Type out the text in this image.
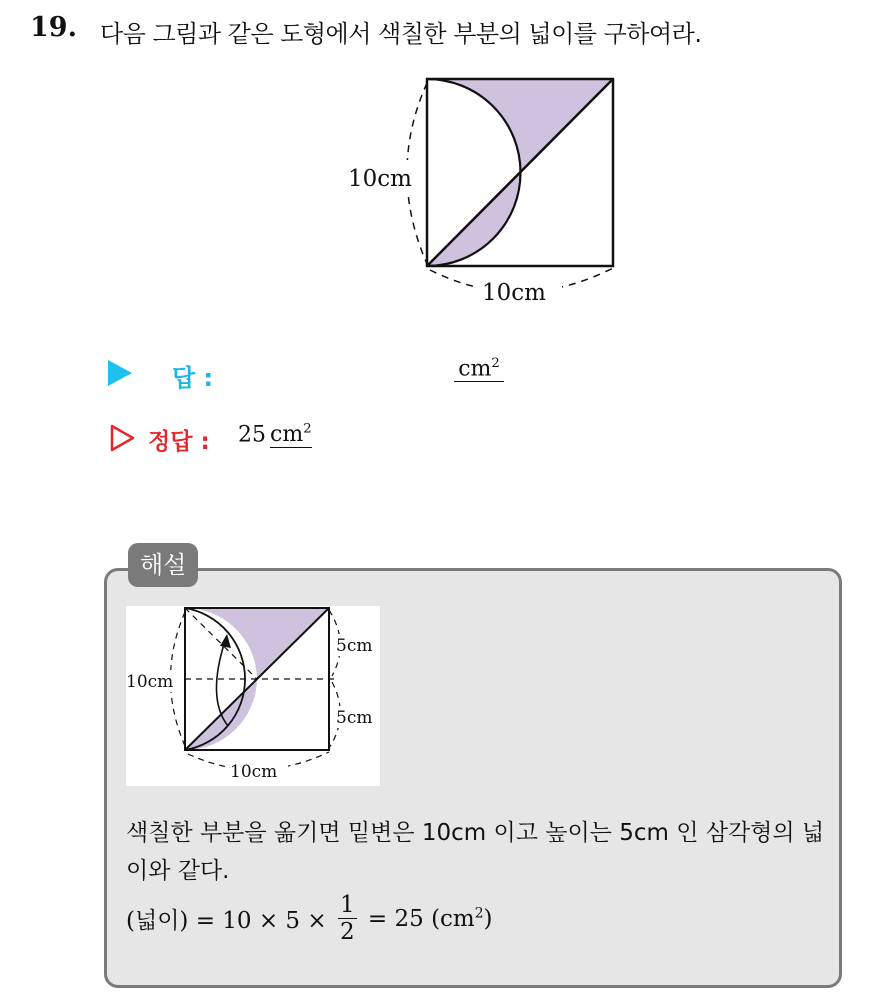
19. 다음 그림과 같은 도형에서 색칠한 부분의 넓이를 구하여라.
10cm
10cm
답 :	$cm^2$
정답 : 25 $cm^2$
해설
10cm
10cm
5cm
5cm
색칠한 부분을 옮기면 밑변은 10cm 이고 높이는 5cm 인 삼각형의 넓이와 같다.
(넓이) = $10 \times 5 \times \frac{1}{2} = 25$ $(cm^2)$
